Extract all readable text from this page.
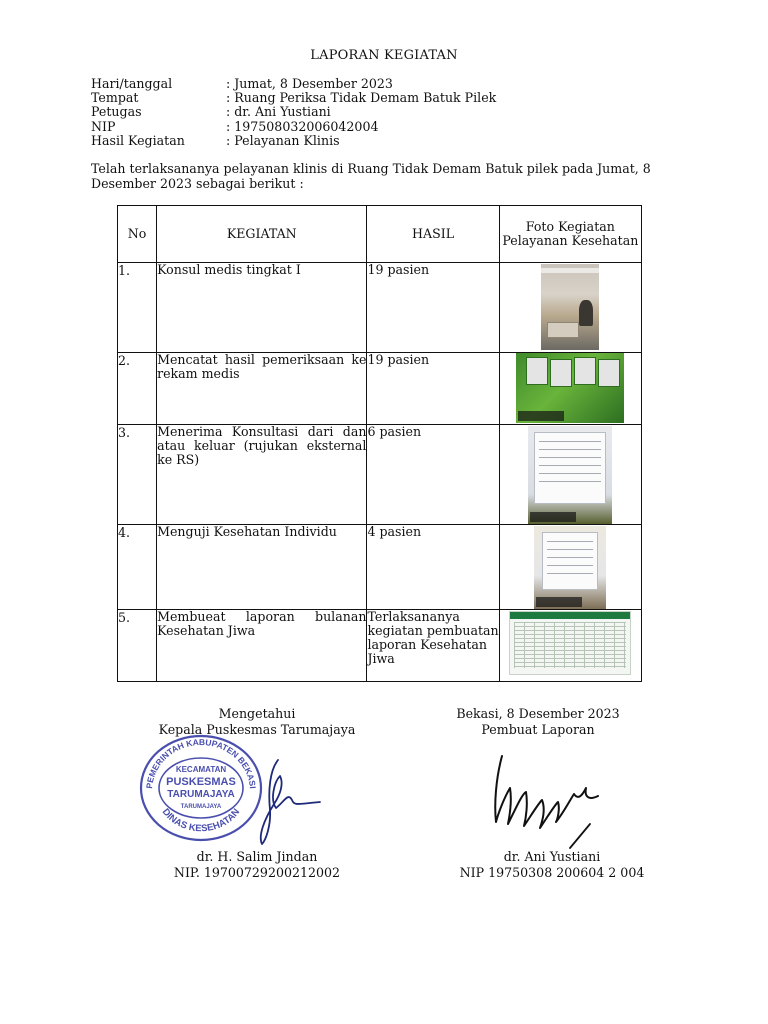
LAPORAN KEGIATAN
Hari/tanggal	: Jumat, 8 Desember 2023
Tempat	: Ruang Periksa Tidak Demam Batuk Pilek
Petugas	: dr. Ani Yustiani
NIP	: 197508032006042004
Hasil Kegiatan	: Pelayanan Klinis
Telah terlaksananya pelayanan klinis di Ruang Tidak Demam Batuk pilek pada Jumat, 8 Desember 2023 sebagai berikut :
No	KEGIATAN	HASIL	Foto Kegiatan Pelayanan Kesehatan
1.	Konsul medis tingkat I	19 pasien	

2.	Mencatat hasil pemeriksaan ke rekam medis	19 pasien	

3.	Menerima Konsultasi dari dan atau keluar (rujukan eksternal ke RS)	6 pasien	

4.	Menguji Kesehatan Individu	4 pasien	

5.	Membueat laporan bulanan Kesehatan Jiwa	Terlaksananya kegiatan pembuatan laporan Kesehatan Jiwa	
Mengetahui
Kepala Puskesmas Tarumajaya
Bekasi, 8 Desember 2023
Pembuat Laporan
PEMERINTAH KABUPATEN BEKASI
DINAS KESEHATAN
KECAMATAN
PUSKESMAS
TARUMAJAYA
TARUMAJAYA
dr. H. Salim Jindan
NIP. 19700729200212002
dr. Ani Yustiani
NIP 19750308 200604 2 004
